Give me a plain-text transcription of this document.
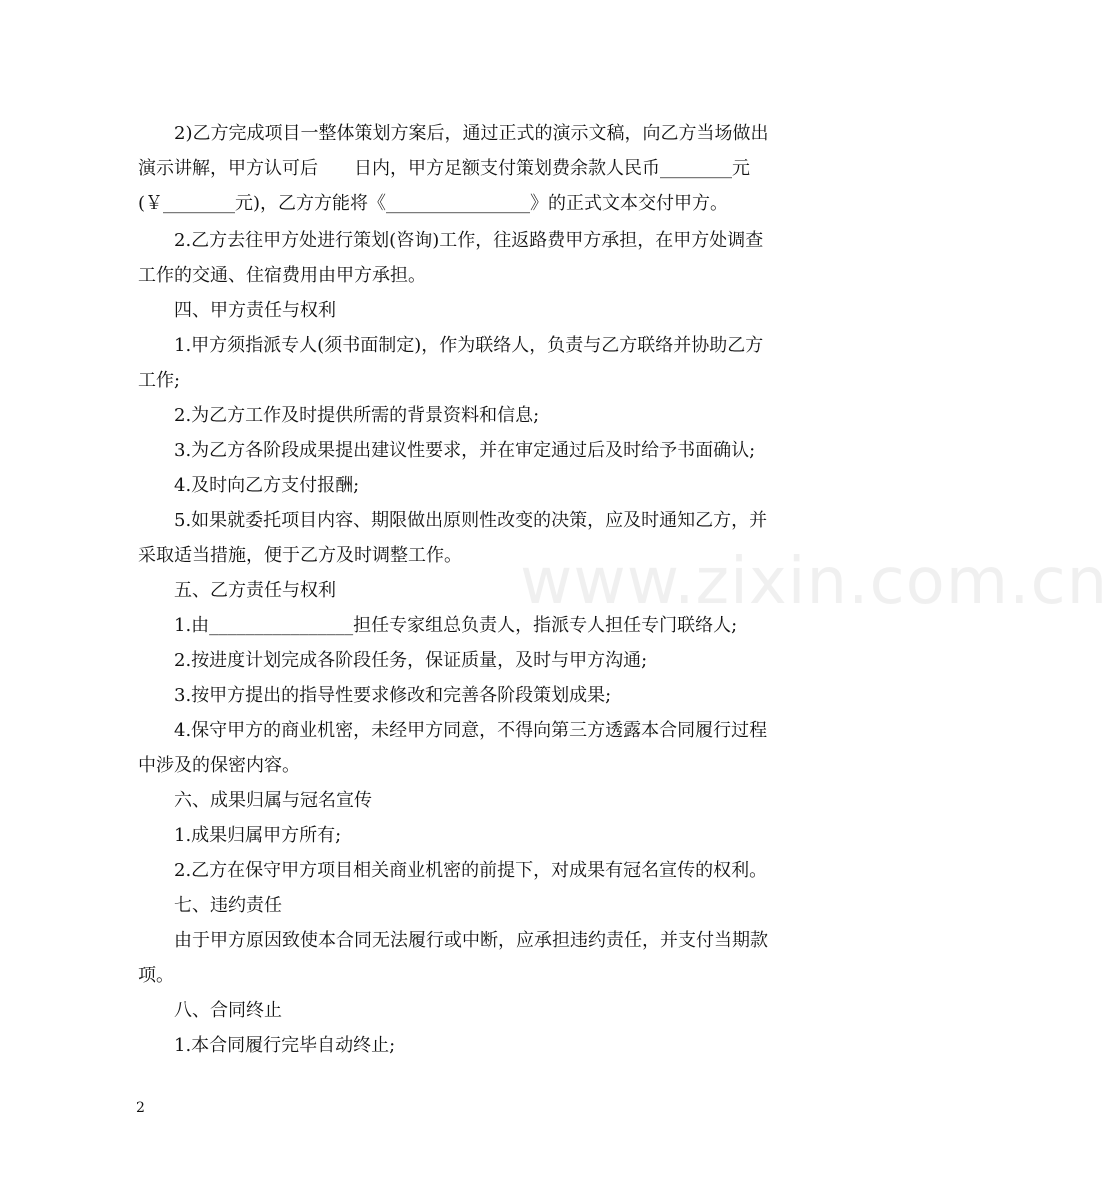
www.zixin.com.cn
2)乙方完成项目一整体策划方案后，通过正式的演示文稿，向乙方当场做出
演示讲解，甲方认可后　　日内，甲方足额支付策划费余款人民币________元
(￥________元)，乙方方能将《________________》的正式文本交付甲方。
2.乙方去往甲方处进行策划(咨询)工作，往返路费甲方承担，在甲方处调查
工作的交通、住宿费用由甲方承担。
四、甲方责任与权利
1.甲方须指派专人(须书面制定)，作为联络人，负责与乙方联络并协助乙方
工作;
2.为乙方工作及时提供所需的背景资料和信息;
3.为乙方各阶段成果提出建议性要求，并在审定通过后及时给予书面确认;
4.及时向乙方支付报酬;
5.如果就委托项目内容、期限做出原则性改变的决策，应及时通知乙方，并
采取适当措施，便于乙方及时调整工作。
五、乙方责任与权利
1.由________________担任专家组总负责人，指派专人担任专门联络人;
2.按进度计划完成各阶段任务，保证质量，及时与甲方沟通;
3.按甲方提出的指导性要求修改和完善各阶段策划成果;
4.保守甲方的商业机密，未经甲方同意，不得向第三方透露本合同履行过程
中涉及的保密内容。
六、成果归属与冠名宣传
1.成果归属甲方所有;
2.乙方在保守甲方项目相关商业机密的前提下，对成果有冠名宣传的权利。
七、违约责任
由于甲方原因致使本合同无法履行或中断，应承担违约责任，并支付当期款
项。
八、合同终止
1.本合同履行完毕自动终止;
2
